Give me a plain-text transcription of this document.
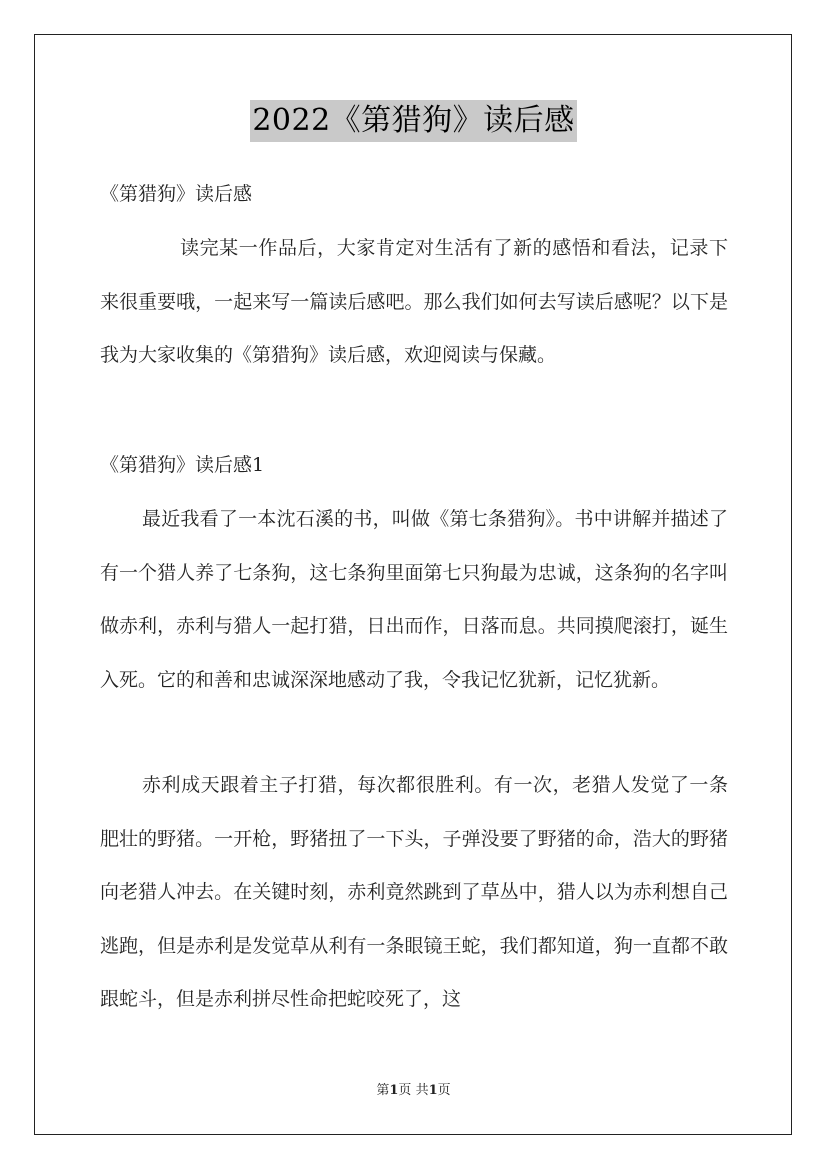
2022《第猎狗》读后感
《第猎狗》读后感

读完某一作品后，大家肯定对生活有了新的感悟和看法，记录下来很重要哦，一起来写一篇读后感吧。那么我们如何去写读后感呢？以下是我为大家收集的《第猎狗》读后感，欢迎阅读与保藏。

《第猎狗》读后感1

最近我看了一本沈石溪的书，叫做《第七条猎狗》。书中讲解并描述了有一个猎人养了七条狗，这七条狗里面第七只狗最为忠诚，这条狗的名字叫做赤利，赤利与猎人一起打猎，日出而作，日落而息。共同摸爬滚打，诞生入死。它的和善和忠诚深深地感动了我，令我记忆犹新，记忆犹新。

赤利成天跟着主子打猎，每次都很胜利。有一次，老猎人发觉了一条肥壮的野猪。一开枪，野猪扭了一下头，子弹没要了野猪的命，浩大的野猪向老猎人冲去。在关键时刻，赤利竟然跳到了草丛中，猎人以为赤利想自己逃跑，但是赤利是发觉草从利有一条眼镜王蛇，我们都知道，狗一直都不敢跟蛇斗，但是赤利拼尽性命把蛇咬死了，这

第1页 共1页
